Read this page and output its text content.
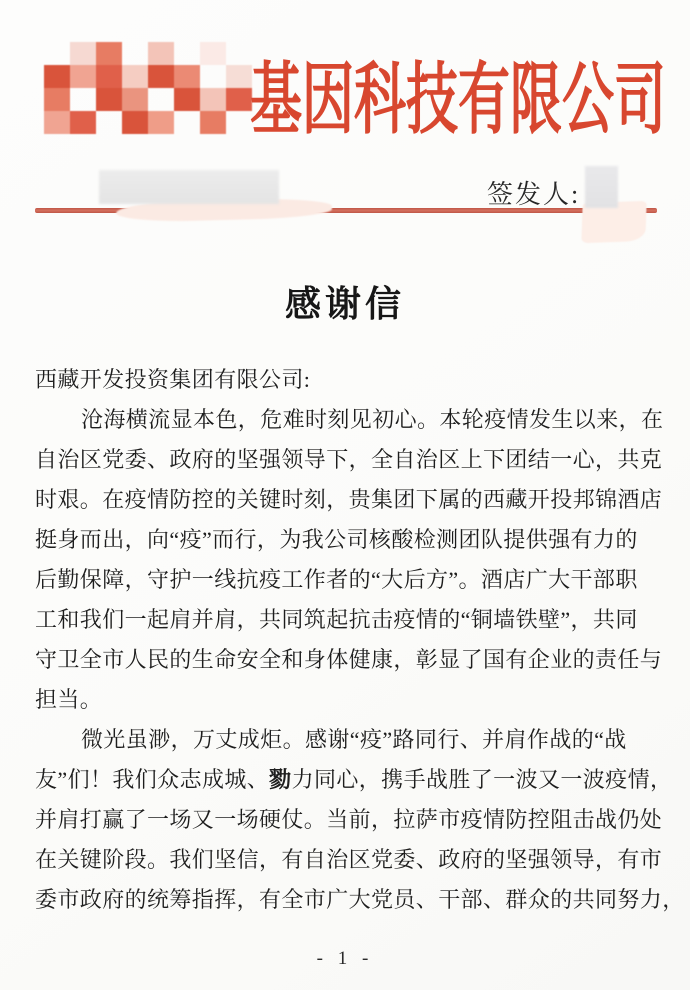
基因科技有限公司
签发人:
感谢信
西藏开发投资集团有限公司:
沧海横流显本色，危难时刻见初心。本轮疫情发生以来，在
自治区党委、政府的坚强领导下，全自治区上下团结一心，共克
时艰。在疫情防控的关键时刻，贵集团下属的西藏开投邦锦酒店
挺身而出，向“疫”而行，为我公司核酸检测团队提供强有力的
后勤保障，守护一线抗疫工作者的“大后方”。酒店广大干部职
工和我们一起肩并肩，共同筑起抗击疫情的“铜墙铁壁”，共同
守卫全市人民的生命安全和身体健康，彰显了国有企业的责任与
担当。
微光虽渺，万丈成炬。感谢“疫”路同行、并肩作战的“战
友”们！我们众志成城、勠力同心，携手战胜了一波又一波疫情，
并肩打赢了一场又一场硬仗。当前，拉萨市疫情防控阻击战仍处
在关键阶段。我们坚信，有自治区党委、政府的坚强领导，有市
委市政府的统筹指挥，有全市广大党员、干部、群众的共同努力，
- 1 -
